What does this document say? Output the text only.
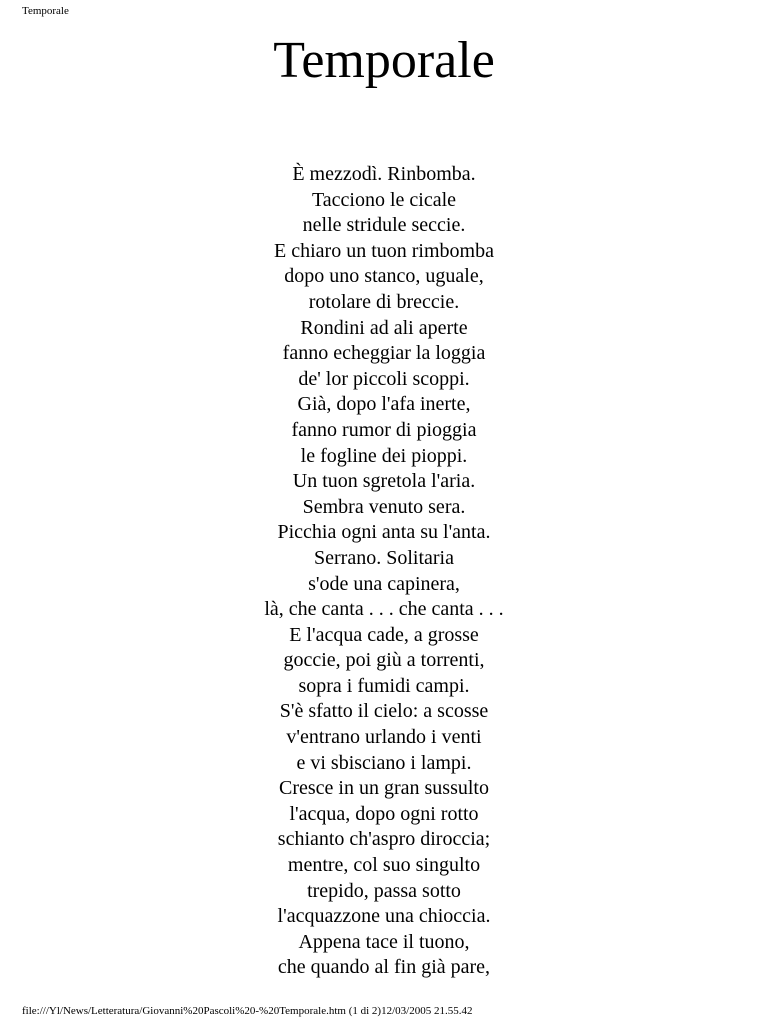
Temporale
Temporale
È mezzodì. Rinbomba.
Tacciono le cicale
nelle stridule seccie.
E chiaro un tuon rimbomba
dopo uno stanco, uguale,
rotolare di breccie.
Rondini ad ali aperte
fanno echeggiar la loggia
de' lor piccoli scoppi.
Già, dopo l'afa inerte,
fanno rumor di pioggia
le fogline dei pioppi.
Un tuon sgretola l'aria.
Sembra venuto sera.
Picchia ogni anta su l'anta.
Serrano. Solitaria
s'ode una capinera,
là, che canta . . . che canta . . .
E l'acqua cade, a grosse
goccie, poi giù a torrenti,
sopra i fumidi campi.
S'è sfatto il cielo: a scosse
v'entrano urlando i venti
e vi sbisciano i lampi.
Cresce in un gran sussulto
l'acqua, dopo ogni rotto
schianto ch'aspro diroccia;
mentre, col suo singulto
trepido, passa sotto
l'acquazzone una chioccia.
Appena tace il tuono,
che quando al fin già pare,
file:///Yl/News/Letteratura/Giovanni%20Pascoli%20-%20Temporale.htm (1 di 2)12/03/2005 21.55.42
